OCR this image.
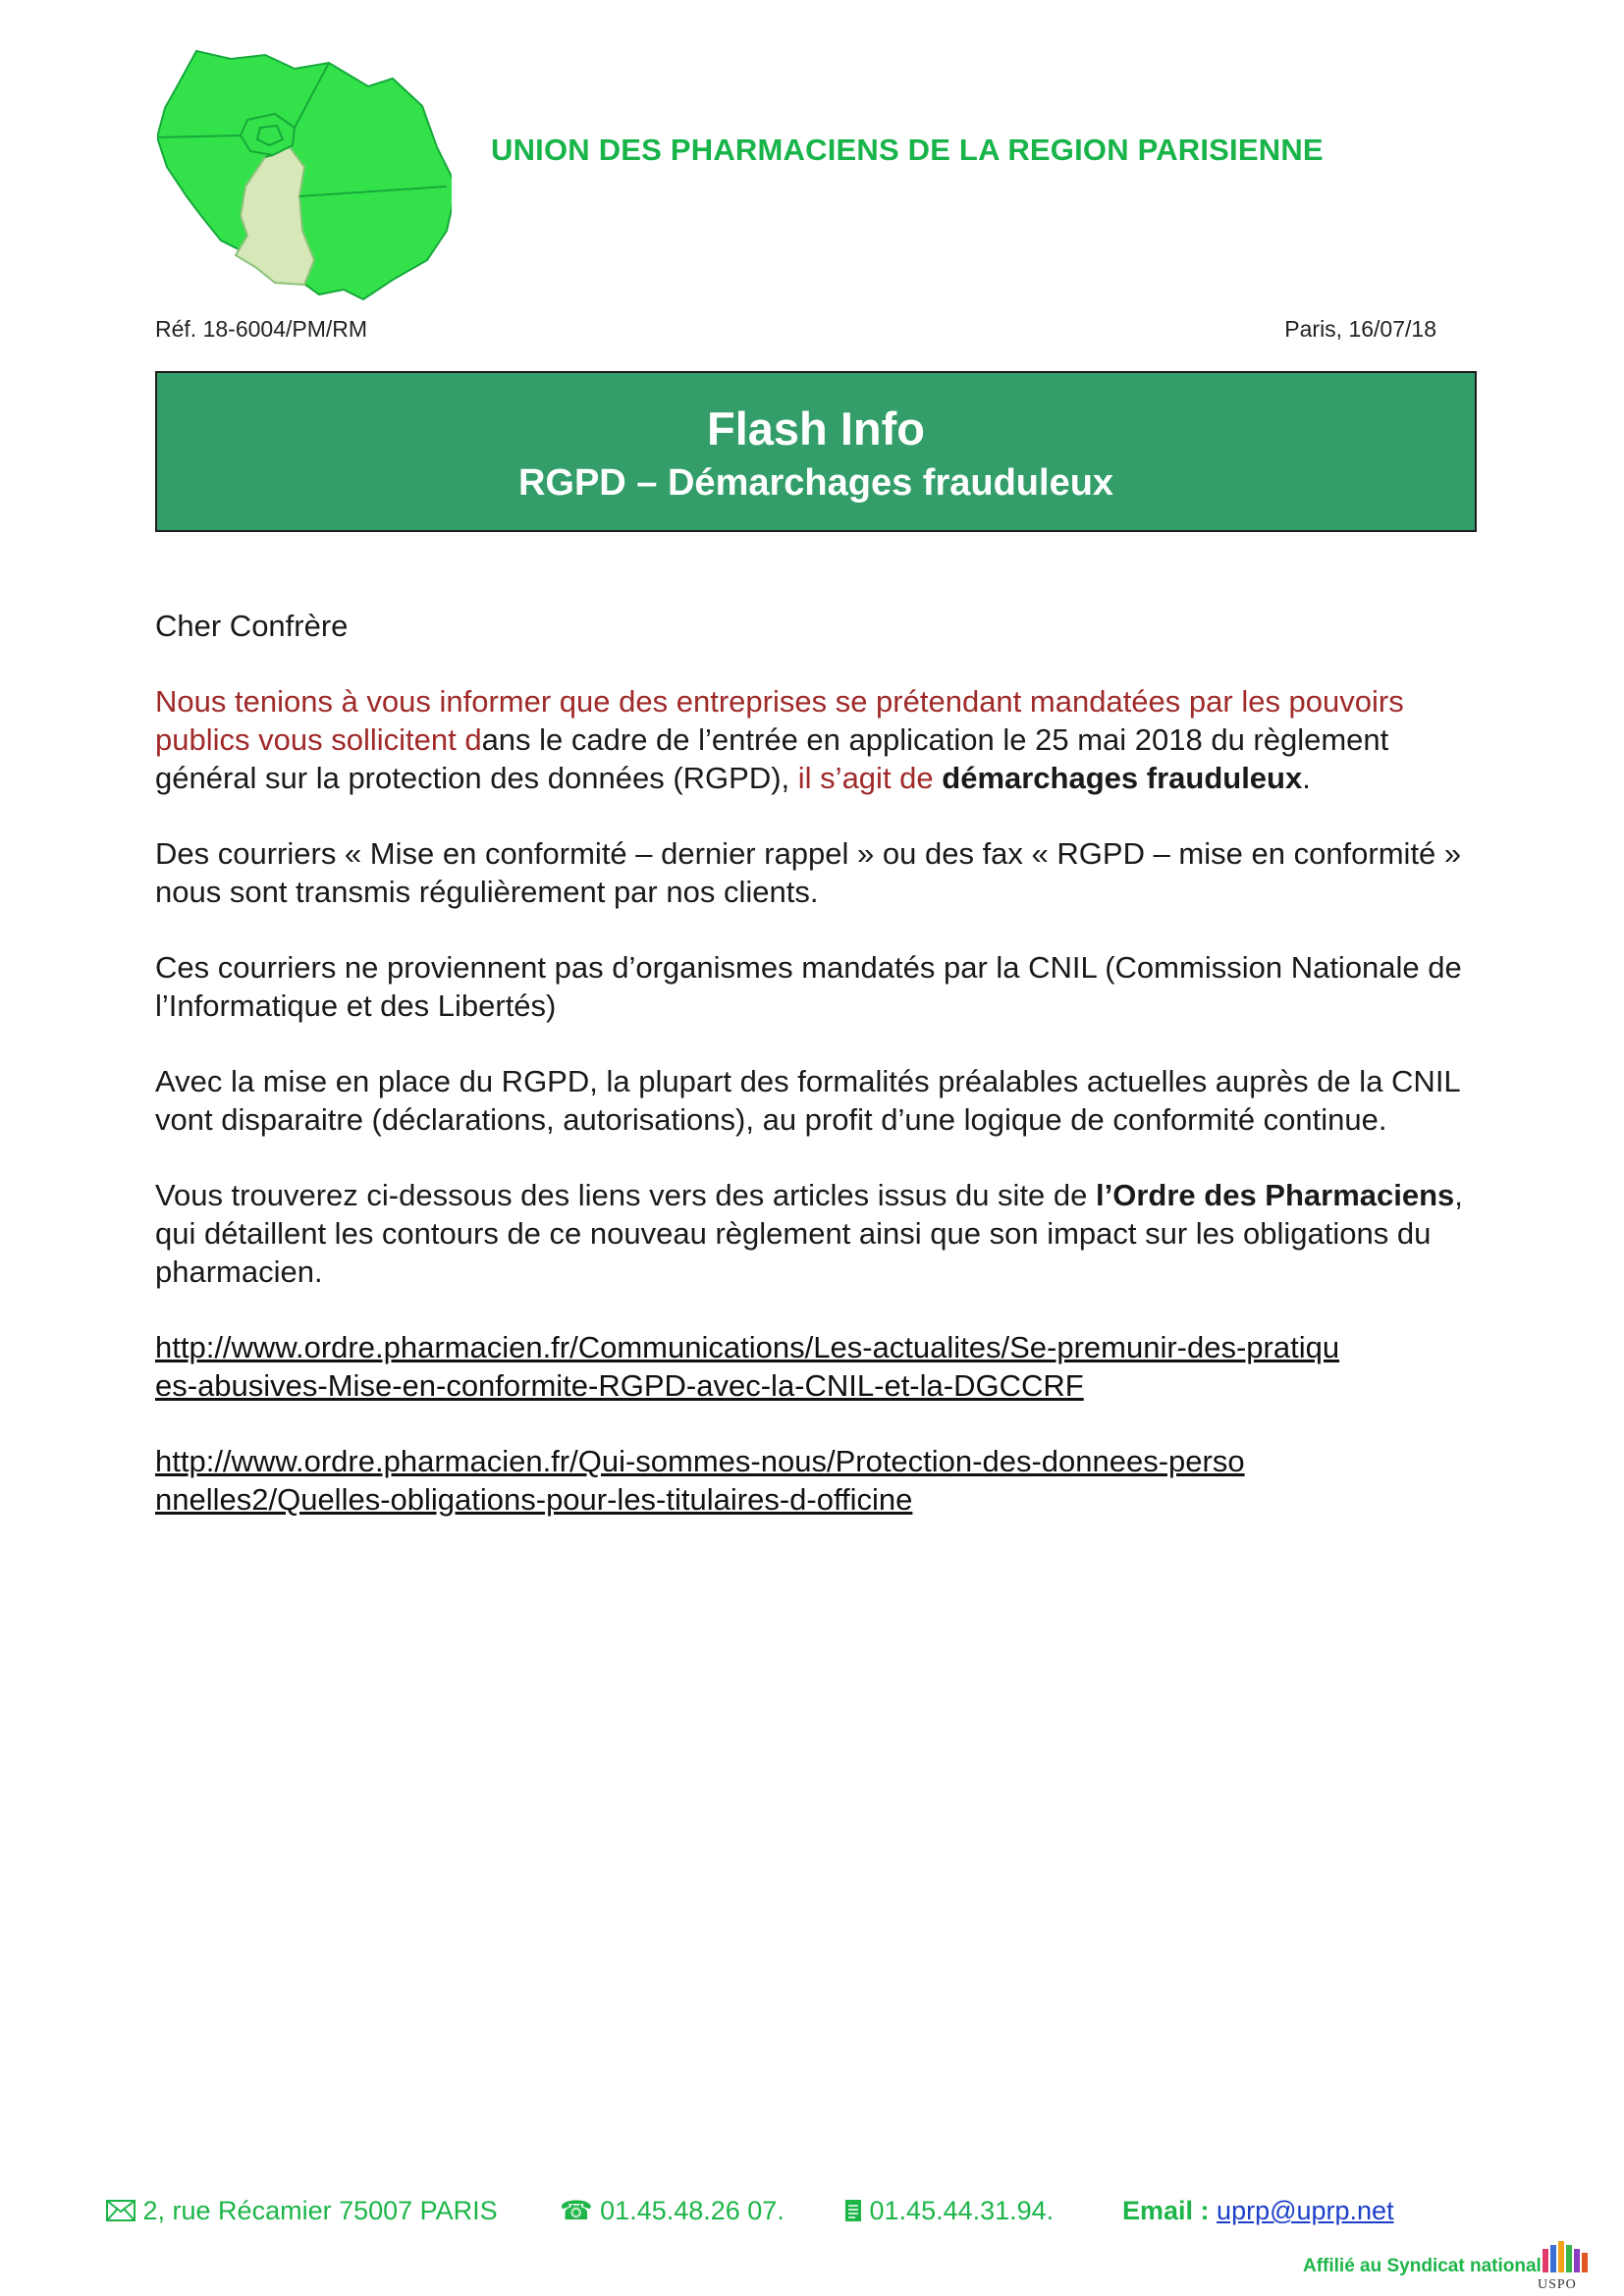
UNION DES PHARMACIENS DE LA REGION PARISIENNE
Réf. 18-6004/PM/RM	Paris, 16/07/18
Flash Info
RGPD – Démarchages frauduleux

Cher Confrère

Nous tenions à vous informer que des entreprises se prétendant mandatées par les pouvoirs publics vous sollicitent dans le cadre de l’entrée en application le 25 mai 2018 du règlement général sur la protection des données (RGPD), il s’agit de démarchages frauduleux.

Des courriers « Mise en conformité – dernier rappel » ou des fax « RGPD – mise en conformité » nous sont transmis régulièrement par nos clients.

Ces courriers ne proviennent pas d’organismes mandatés par la CNIL (Commission Nationale de l’Informatique et des Libertés)

Avec la mise en place du RGPD, la plupart des formalités préalables actuelles auprès de la CNIL vont disparaitre (déclarations, autorisations), au profit d’une logique de conformité continue.

Vous trouverez ci-dessous des liens vers des articles issus du site de l’Ordre des Pharmaciens, qui détaillent les contours de ce nouveau règlement ainsi que son impact sur les obligations du pharmacien.

http://www.ordre.pharmacien.fr/Communications/Les-actualites/Se-premunir-des-pratiques-abusives-Mise-en-conformite-RGPD-avec-la-CNIL-et-la-DGCCRF

http://www.ordre.pharmacien.fr/Qui-sommes-nous/Protection-des-donnees-personnelles2/Quelles-obligations-pour-les-titulaires-d-officine

2, rue Récamier 75007 PARIS ☎ 01.45.48.26 07.	01.45.44.31.94.	Email : uprp@uprp.net
Affilié au Syndicat national
USPO
